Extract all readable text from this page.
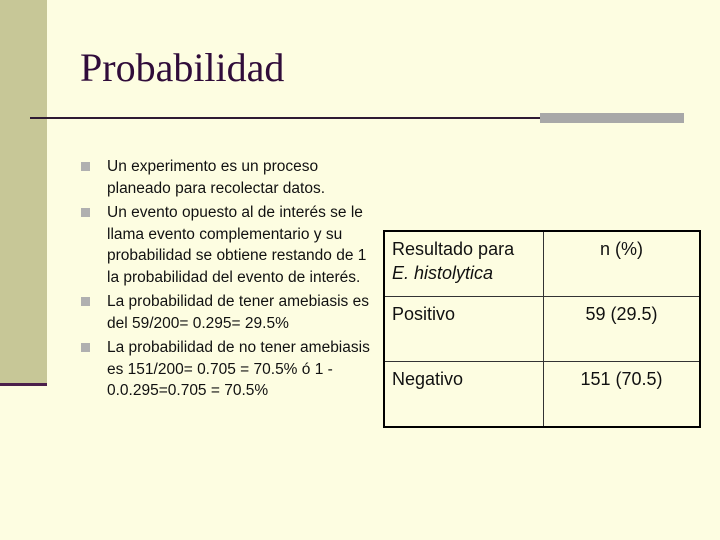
Probabilidad
Un experimento es un proceso planeado para recolectar datos.
Un evento opuesto al de interés se le llama evento complementario y su probabilidad se obtiene restando de 1 la probabilidad del evento de interés.
La probabilidad de tener amebiasis es del 59/200= 0.295= 29.5%
La probabilidad de no tener amebiasis es 151/200= 0.705 = 70.5% ó 1 - 0.0.295=0.705 = 70.5%
Resultado para
E. histolytica	n (%)
Positivo	59 (29.5)
Negativo	151 (70.5)
